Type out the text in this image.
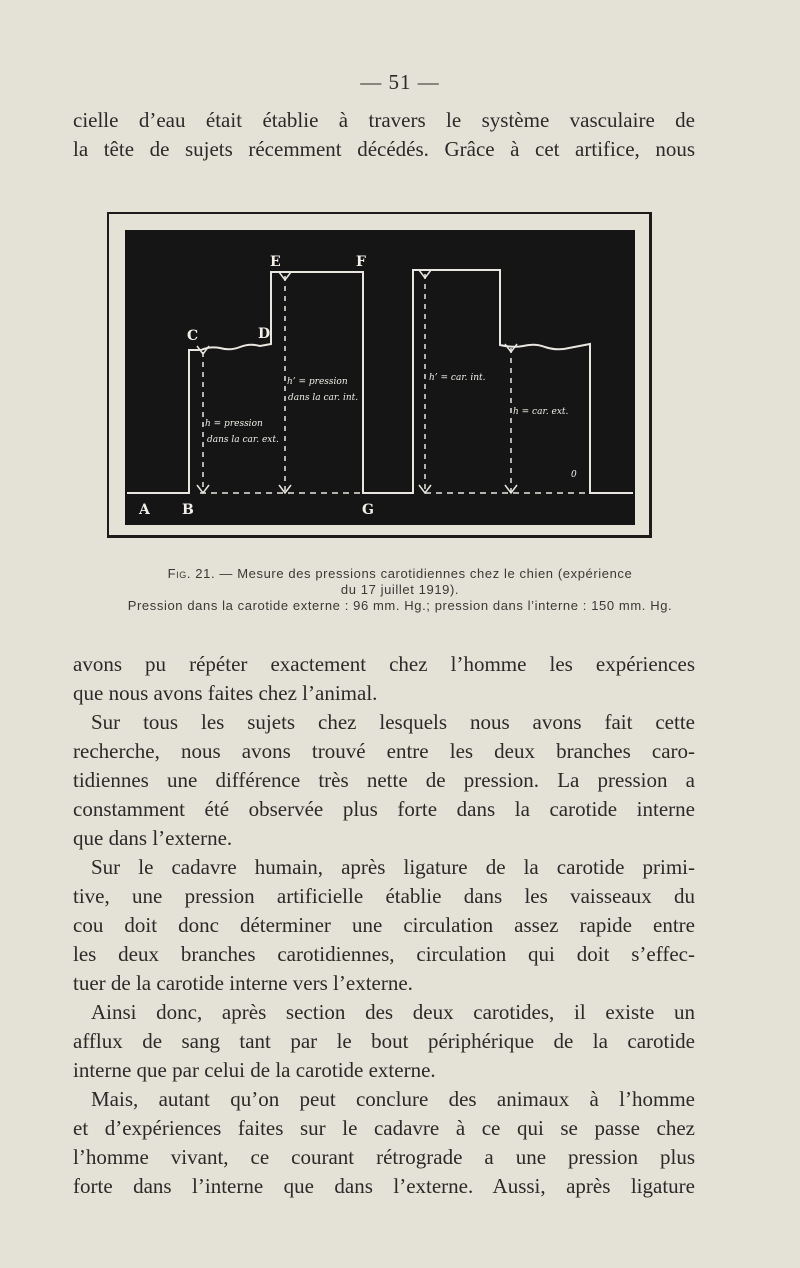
— 51 —

cielle d’eau était établie à travers le système vasculaire de
la tête de sujets récemment décédés. Grâce à cet artifice, nous

A B
C	D
E	F
G
h = pression
dans la car. ext.
h’ = pression
dans la car. int.
h’ = car. int.
h = car. ext.
0
Fig. 21. — Mesure des pressions carotidiennes chez le chien (expérience
du 17 juillet 1919).
Pression dans la carotide externe : 96 mm. Hg.; pression dans l’interne : 150 mm. Hg.
avons pu répéter exactement chez l’homme les expériences
que nous avons faites chez l’animal.
Sur tous les sujets chez lesquels nous avons fait cette
recherche, nous avons trouvé entre les deux branches caro-
tidiennes une différence très nette de pression. La pression a
constamment été observée plus forte dans la carotide interne
que dans l’externe.
Sur le cadavre humain, après ligature de la carotide primi-
tive, une pression artificielle établie dans les vaisseaux du
cou doit donc déterminer une circulation assez rapide entre
les deux branches carotidiennes, circulation qui doit s’effec-
tuer de la carotide interne vers l’externe.
Ainsi donc, après section des deux carotides, il existe un
afflux de sang tant par le bout périphérique de la carotide
interne que par celui de la carotide externe.
Mais, autant qu’on peut conclure des animaux à l’homme
et d’expériences faites sur le cadavre à ce qui se passe chez
l’homme vivant, ce courant rétrograde a une pression plus
forte dans l’interne que dans l’externe. Aussi, après ligature
